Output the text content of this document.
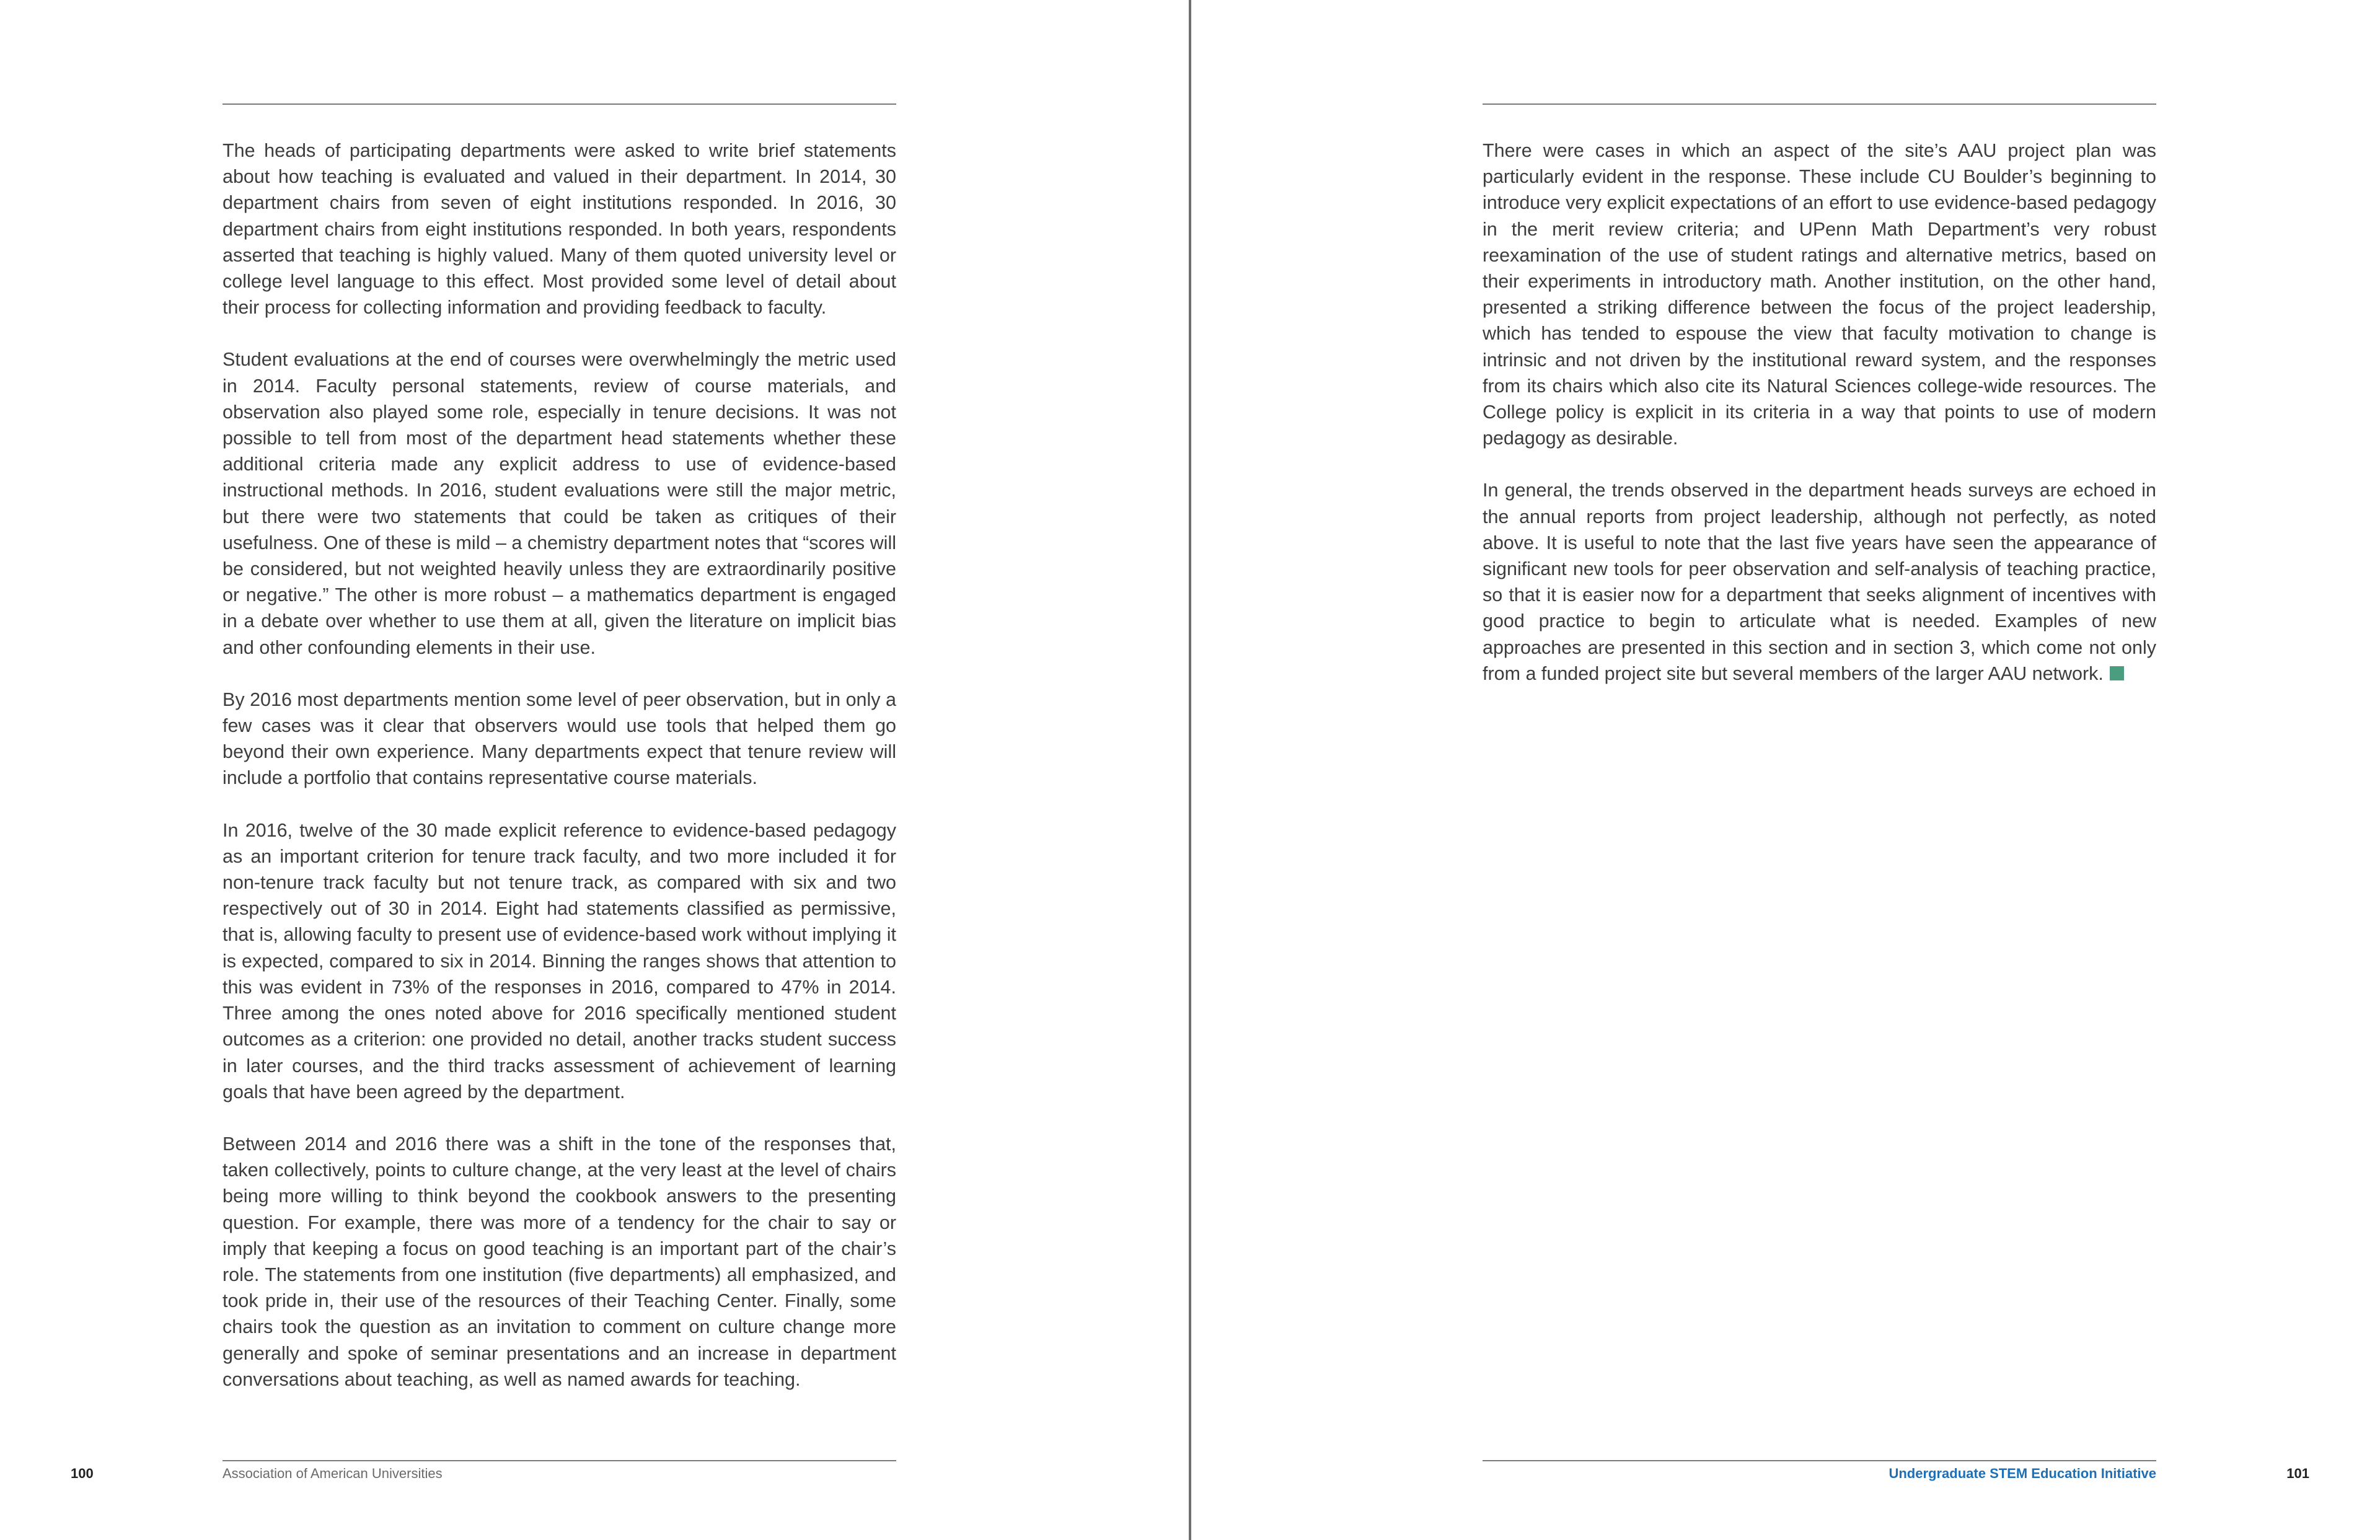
The heads of participating departments were asked to write brief statements about how teaching is evaluated and valued in their department. In 2014, 30 department chairs from seven of eight institutions responded. In 2016, 30 department chairs from eight institutions responded. In both years, respondents asserted that teaching is highly valued. Many of them quoted university level or college level language to this effect. Most provided some level of detail about their process for collecting information and providing feedback to faculty.

Student evaluations at the end of courses were overwhelmingly the metric used in 2014. Faculty personal statements, review of course materials, and observation also played some role, especially in tenure decisions. It was not possible to tell from most of the department head statements whether these additional criteria made any explicit address to use of evidence-based instructional methods. In 2016, student evaluations were still the major metric, but there were two statements that could be taken as critiques of their usefulness. One of these is mild – a chemistry department notes that “scores will be considered, but not weighted heavily unless they are extraordinarily positive or negative.” The other is more robust – a mathematics department is engaged in a debate over whether to use them at all, given the literature on implicit bias and other confounding elements in their use.

By 2016 most departments mention some level of peer observation, but in only a few cases was it clear that observers would use tools that helped them go beyond their own experience. Many departments expect that tenure review will include a portfolio that contains representative course materials.

In 2016, twelve of the 30 made explicit reference to evidence-based pedagogy as an important criterion for tenure track faculty, and two more included it for non-tenure track faculty but not tenure track, as compared with six and two respectively out of 30 in 2014. Eight had statements classified as permissive, that is, allowing faculty to present use of evidence-based work without implying it is expected, compared to six in 2014. Binning the ranges shows that attention to this was evident in 73% of the responses in 2016, compared to 47% in 2014. Three among the ones noted above for 2016 specifically mentioned student outcomes as a criterion: one provided no detail, another tracks student success in later courses, and the third tracks assessment of achievement of learning goals that have been agreed by the department.

Between 2014 and 2016 there was a shift in the tone of the responses that, taken collectively, points to culture change, at the very least at the level of chairs being more willing to think beyond the cookbook answers to the presenting question. For example, there was more of a tendency for the chair to say or imply that keeping a focus on good teaching is an important part of the chair’s role. The statements from one institution (five departments) all emphasized, and took pride in, their use of the resources of their Teaching Center. Finally, some chairs took the question as an invitation to comment on culture change more generally and spoke of seminar presentations and an increase in department conversations about teaching, as well as named awards for teaching.

100	Association of American Universities

There were cases in which an aspect of the site’s AAU project plan was particularly evident in the response. These include CU Boulder’s beginning to introduce very explicit expectations of an effort to use evidence-based pedagogy in the merit review criteria; and UPenn Math Department’s very robust reexamination of the use of student ratings and alternative metrics, based on their experiments in introductory math. Another institution, on the other hand, presented a striking difference between the focus of the project leadership, which has tended to espouse the view that faculty motivation to change is intrinsic and not driven by the institutional reward system, and the responses from its chairs which also cite its Natural Sciences college-wide resources. The College policy is explicit in its criteria in a way that points to use of modern pedagogy as desirable.

In general, the trends observed in the department heads surveys are echoed in the annual reports from project leadership, although not perfectly, as noted above. It is useful to note that the last five years have seen the appearance of significant new tools for peer observation and self-analysis of teaching practice, so that it is easier now for a department that seeks alignment of incentives with good practice to begin to articulate what is needed. Examples of new approaches are presented in this section and in section 3, which come not only from a funded project site but several members of the larger AAU network.

Undergraduate STEM Education Initiative	101
